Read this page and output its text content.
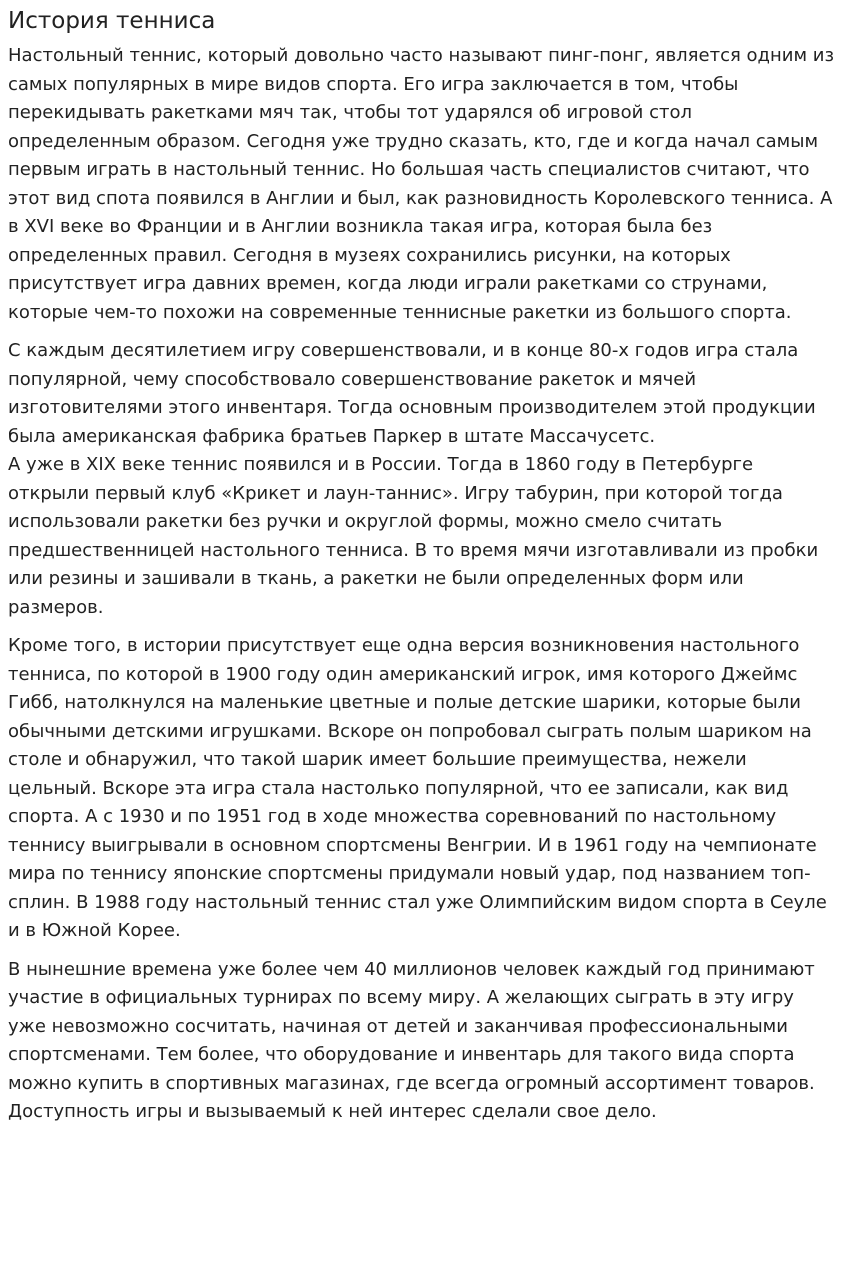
История тенниса

Настольный теннис, который довольно часто называют пинг-понг, является одним из самых популярных в мире видов спорта. Его игра заключается в том, чтобы перекидывать ракетками мяч так, чтобы тот ударялся об игровой стол определенным образом. Сегодня уже трудно сказать, кто, где и когда начал самым первым играть в настольный теннис. Но большая часть специалистов считают, что этот вид спота появился в Англии и был, как разновидность Королевского тенниса. А в XVI веке во Франции и в Англии возникла такая игра, которая была без определенных правил. Сегодня в музеях сохранились рисунки, на которых присутствует игра давних времен, когда люди играли ракетками со струнами, которые чем-то похожи на современные теннисные ракетки из большого спорта.

С каждым десятилетием игру совершенствовали, и в конце 80-х годов игра стала популярной, чему способствовало совершенствование ракеток и мячей изготовителями этого инвентаря. Тогда основным производителем этой продукции была американская фабрика братьев Паркер в штате Массачусетс.
А уже в XIX веке теннис появился и в России. Тогда в 1860 году в Петербурге открыли первый клуб «Крикет и лаун-таннис». Игру табурин, при которой тогда использовали ракетки без ручки и округлой формы, можно смело считать предшественницей настольного тенниса. В то время мячи изготавливали из пробки или резины и зашивали в ткань, а ракетки не были определенных форм или размеров.

Кроме того, в истории присутствует еще одна версия возникновения настольного тенниса, по которой в 1900 году один американский игрок, имя которого Джеймс Гибб, натолкнулся на маленькие цветные и полые детские шарики, которые были обычными детскими игрушками. Вскоре он попробовал сыграть полым шариком на столе и обнаружил, что такой шарик имеет большие преимущества, нежели цельный. Вскоре эта игра стала настолько популярной, что ее записали, как вид спорта. А с 1930 и по 1951 год в ходе множества соревнований по настольному теннису выигрывали в основном спортсмены Венгрии. И в 1961 году на чемпионате мира по теннису японские спортсмены придумали новый удар, под названием топ-сплин. В 1988 году настольный теннис стал уже Олимпийским видом спорта в Сеуле и в Южной Корее.

В нынешние времена уже более чем 40 миллионов человек каждый год принимают участие в официальных турнирах по всему миру. А желающих сыграть в эту игру уже невозможно сосчитать, начиная от детей и заканчивая профессиональными спортсменами. Тем более, что оборудование и инвентарь для такого вида спорта можно купить в спортивных магазинах, где всегда огромный ассортимент товаров. Доступность игры и вызываемый к ней интерес сделали свое дело.
